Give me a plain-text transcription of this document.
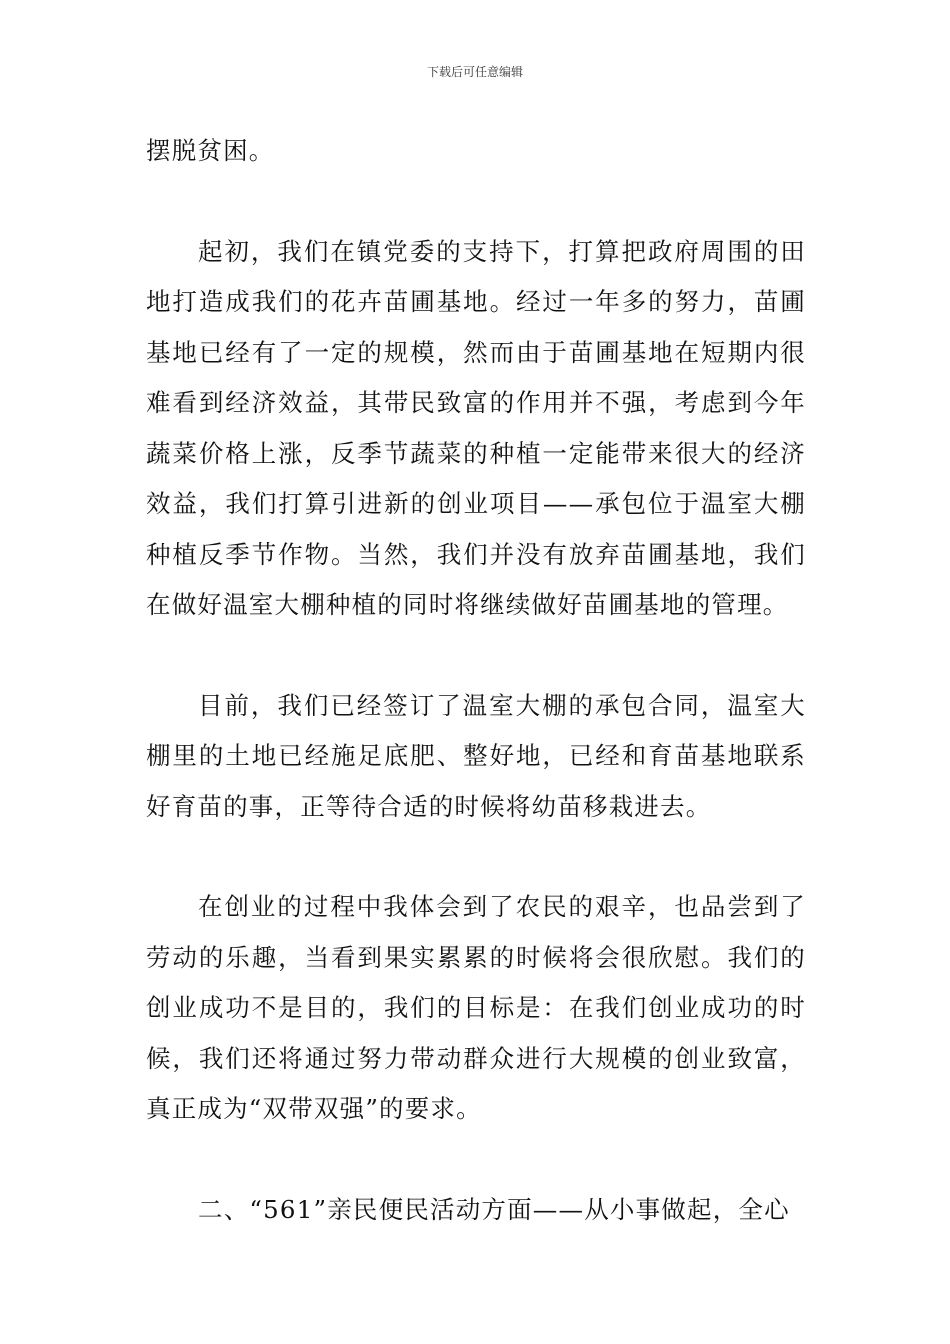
下载后可任意编辑

摆脱贫困。

起初，我们在镇党委的支持下，打算把政府周围的田地打造成我们的花卉苗圃基地。经过一年多的努力，苗圃基地已经有了一定的规模，然而由于苗圃基地在短期内很难看到经济效益，其带民致富的作用并不强，考虑到今年蔬菜价格上涨，反季节蔬菜的种植一定能带来很大的经济效益，我们打算引进新的创业项目——承包位于温室大棚种植反季节作物。当然，我们并没有放弃苗圃基地，我们在做好温室大棚种植的同时将继续做好苗圃基地的管理。

目前，我们已经签订了温室大棚的承包合同，温室大棚里的土地已经施足底肥、整好地，已经和育苗基地联系好育苗的事，正等待合适的时候将幼苗移栽进去。

在创业的过程中我体会到了农民的艰辛，也品尝到了劳动的乐趣，当看到果实累累的时候将会很欣慰。我们的创业成功不是目的，我们的目标是：在我们创业成功的时候，我们还将通过努力带动群众进行大规模的创业致富，真正成为“双带双强”的要求。

二、“561”亲民便民活动方面——从小事做起，全心
